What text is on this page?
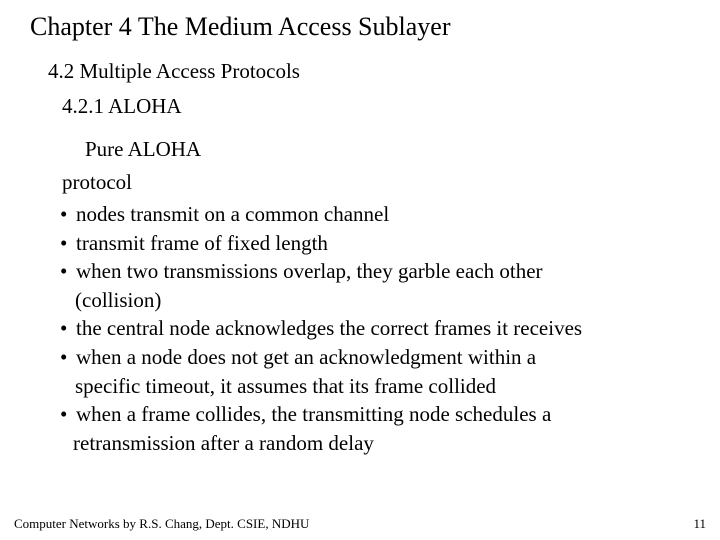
Chapter 4 The Medium Access Sublayer
4.2 Multiple Access Protocols
4.2.1 ALOHA
Pure ALOHA
protocol
• nodes transmit on a common channel
• transmit frame of fixed length
• when two transmissions overlap, they garble each other
(collision)
• the central node acknowledges the correct frames it receives
• when a node does not get an acknowledgment within a
specific timeout, it assumes that its frame collided
• when a frame collides, the transmitting node schedules a
retransmission after a random delay
Computer Networks by R.S. Chang, Dept. CSIE, NDHU	11
